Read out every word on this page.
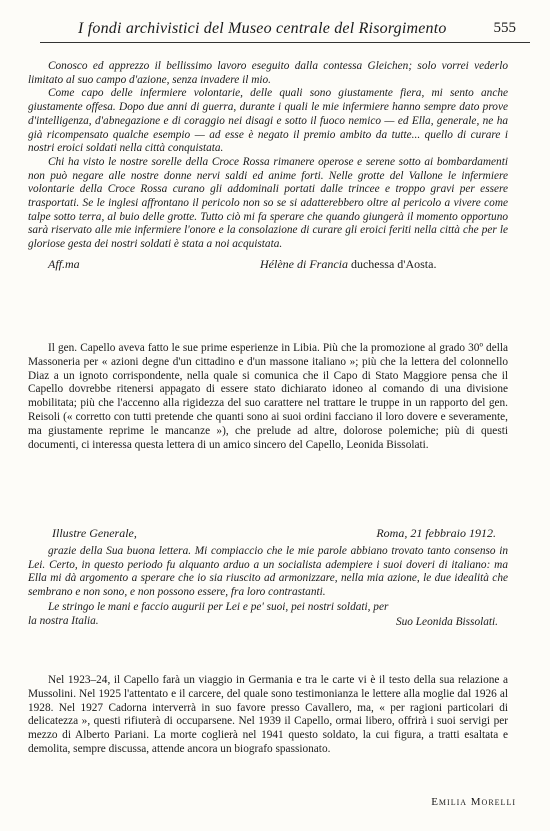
I fondi archivistici del Museo centrale del Risorgimento	555

Conosco ed apprezzo il bellissimo lavoro eseguito dalla contessa Gleichen; solo vorrei vederlo limitato al suo campo d'azione, senza invadere il mio.

Come capo delle infermiere volontarie, delle quali sono giustamente fiera, mi sento anche giustamente offesa. Dopo due anni di guerra, durante i quali le mie infermiere hanno sempre dato prove d'intelligenza, d'abnegazione e di coraggio nei disagi e sotto il fuoco nemico — ed Ella, generale, ne ha già ricompensato qualche esempio — ad esse è negato il premio ambito da tutte... quello di curare i nostri eroici soldati nella città conquistata.

Chi ha visto le nostre sorelle della Croce Rossa rimanere operose e serene sotto ai bombardamenti non può negare alle nostre donne nervi saldi ed anime forti. Nelle grotte del Vallone le infermiere volontarie della Croce Rossa curano gli addominali portati dalle trincee e troppo gravi per essere trasportati. Se le inglesi affrontano il pericolo non so se si adatterebbero oltre al pericolo a vivere come talpe sotto terra, al buio delle grotte. Tutto ciò mi fa sperare che quando giungerà il momento opportuno sarà riservato alle mie infermiere l'onore e la consolazione di curare gli eroici feriti nella città che per le gloriose gesta dei nostri soldati è stata a noi acquistata.

Aff.ma	Hélène di Francia duchessa d'Aosta.

Il gen. Capello aveva fatto le sue prime esperienze in Libia. Più che la promozione al grado 30º della Massoneria per « azioni degne d'un cittadino e d'un massone italiano »; più che la lettera del colonnello Diaz a un ignoto corrispondente, nella quale si comunica che il Capo di Stato Maggiore pensa che il Capello dovrebbe ritenersi appagato di essere stato dichiarato idoneo al comando di una divisione mobilitata; più che l'accenno alla rigidezza del suo carattere nel trattare le truppe in un rapporto del gen. Reisoli (« corretto con tutti pretende che quanti sono ai suoi ordini facciano il loro dovere e severamente, ma giustamente reprime le mancanze »), che prelude ad altre, dolorose polemiche; più di questi documenti, ci interessa questa lettera di un amico sincero del Capello, Leonida Bissolati.

Illustre Generale,	Roma, 21 febbraio 1912.

grazie della Sua buona lettera. Mi compiaccio che le mie parole abbiano trovato tanto consenso in Lei. Certo, in questo periodo fu alquanto arduo a un socialista adempiere i suoi doveri di italiano: ma Ella mi dà argomento a sperare che io sia riuscito ad armonizzare, nella mia azione, le due idealità che sembrano e non sono, e non possono essere, fra loro contrastanti.

Le stringo le mani e faccio augurii per Lei e pe' suoi, pei nostri soldati, per
la nostra Italia.	Suo Leonida Bissolati.

Nel 1923–24, il Capello farà un viaggio in Germania e tra le carte vi è il testo della sua relazione a Mussolini. Nel 1925 l'attentato e il carcere, del quale sono testimonianza le lettere alla moglie dal 1926 al 1928. Nel 1927 Cadorna interverrà in suo favore presso Cavallero, ma, « per ragioni particolari di delicatezza », questi rifiuterà di occuparsene. Nel 1939 il Capello, ormai libero, offrirà i suoi servigi per mezzo di Alberto Pariani. La morte coglierà nel 1941 questo soldato, la cui figura, a tratti esaltata e demolita, sempre discussa, attende ancora un biografo spassionato.

Emilia Morelli
